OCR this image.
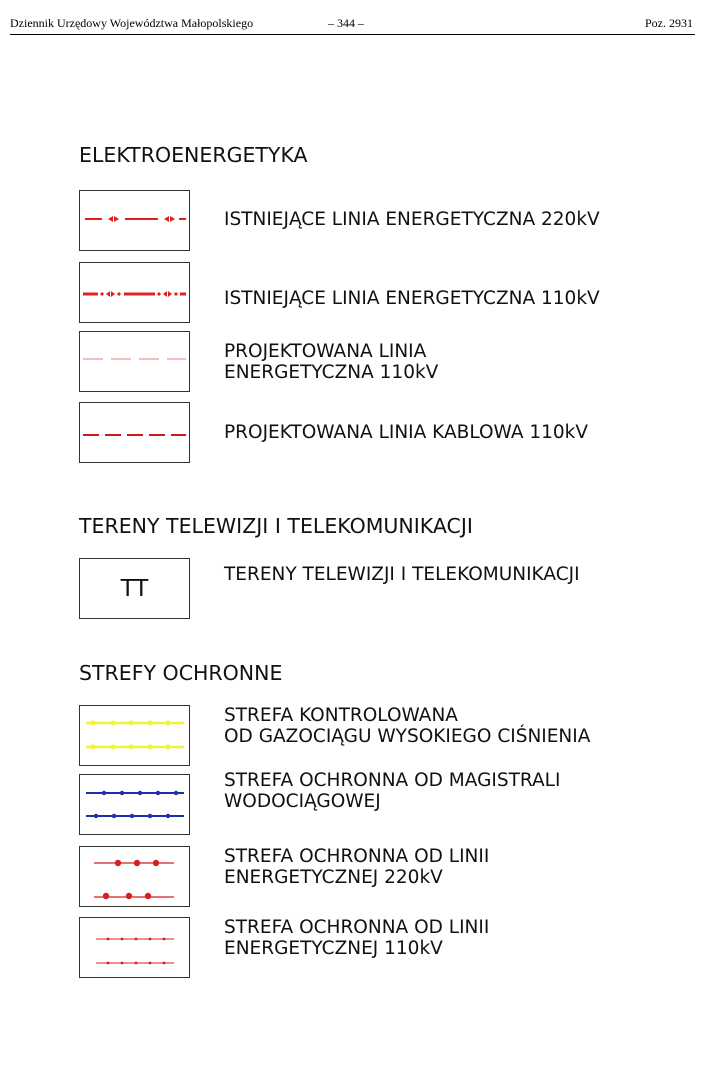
Dziennik Urzędowy Województwa Małopolskiego	– 344 –	Poz. 2931
ELEKTROENERGETYKA
ISTNIEJĄCE LINIA ENERGETYCZNA 220kV
ISTNIEJĄCE LINIA ENERGETYCZNA 110kV
PROJEKTOWANA LINIA
ENERGETYCZNA 110kV
PROJEKTOWANA LINIA KABLOWA 110kV
TERENY TELEWIZJI I TELEKOMUNIKACJI
TT
TERENY TELEWIZJI I TELEKOMUNIKACJI
STREFY OCHRONNE
STREFA KONTROLOWANA
OD GAZOCIĄGU WYSOKIEGO CIŚNIENIA
STREFA OCHRONNA OD MAGISTRALI
WODOCIĄGOWEJ
STREFA OCHRONNA OD LINII
ENERGETYCZNEJ 220kV
STREFA OCHRONNA OD LINII
ENERGETYCZNEJ 110kV
